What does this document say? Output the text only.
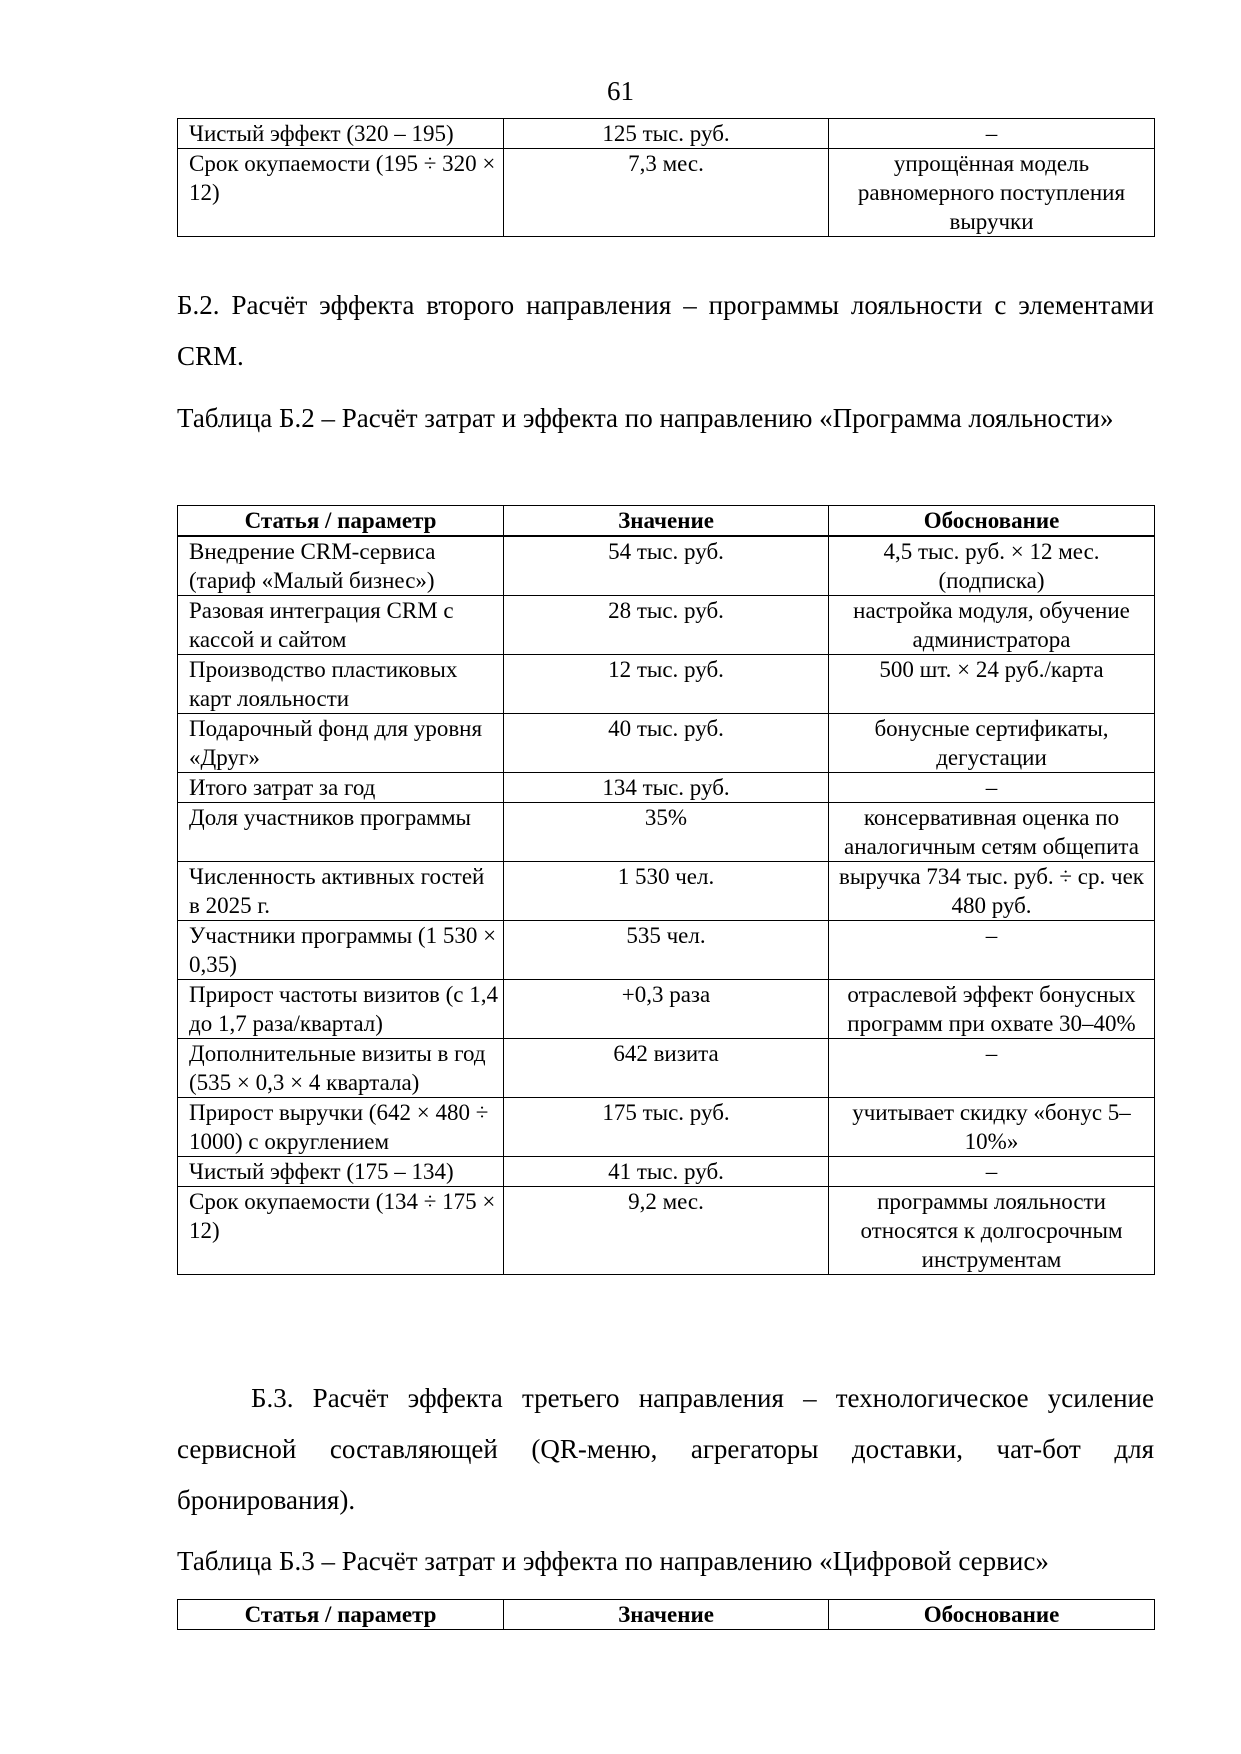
61
Чистый эффект (320 – 195)	125 тыс. руб.	–
Срок окупаемости (195 ÷ 320 × 12)	7,3 мес.	упрощённая модель равномерного поступления выручки

Б.2. Расчёт эффекта второго направления – программы лояльности с элементами CRM.

Таблица Б.2 – Расчёт затрат и эффекта по направлению «Программа лояльности»

Статья / параметр	Значение	Обоснование
Внедрение CRM-сервиса (тариф «Малый бизнес»)	54 тыс. руб.	4,5 тыс. руб. × 12 мес. (подписка)
Разовая интеграция CRM с кассой и сайтом	28 тыс. руб.	настройка модуля, обучение администратора
Производство пластиковых карт лояльности	12 тыс. руб.	500 шт. × 24 руб./карта
Подарочный фонд для уровня «Друг»	40 тыс. руб.	бонусные сертификаты, дегустации
Итого затрат за год	134 тыс. руб.	–
Доля участников программы	35%	консервативная оценка по аналогичным сетям общепита
Численность активных гостей в 2025 г.	1 530 чел.	выручка 734 тыс. руб. ÷ ср. чек 480 руб.
Участники программы (1 530 × 0,35)	535 чел.	–
Прирост частоты визитов (с 1,4 до 1,7 раза/квартал)	+0,3 раза	отраслевой эффект бонусных программ при охвате 30–40%
Дополнительные визиты в год (535 × 0,3 × 4 квартала)	642 визита	–
Прирост выручки (642 × 480 ÷ 1000) с округлением	175 тыс. руб.	учитывает скидку «бонус 5–10%»
Чистый эффект (175 – 134)	41 тыс. руб.	–
Срок окупаемости (134 ÷ 175 × 12)	9,2 мес.	программы лояльности относятся к долгосрочным инструментам

Б.3. Расчёт эффекта третьего направления – технологическое усиление сервисной составляющей (QR-меню, агрегаторы доставки, чат-бот для бронирования).

Таблица Б.3 – Расчёт затрат и эффекта по направлению «Цифровой сервис»

Статья / параметр	Значение	Обоснование
